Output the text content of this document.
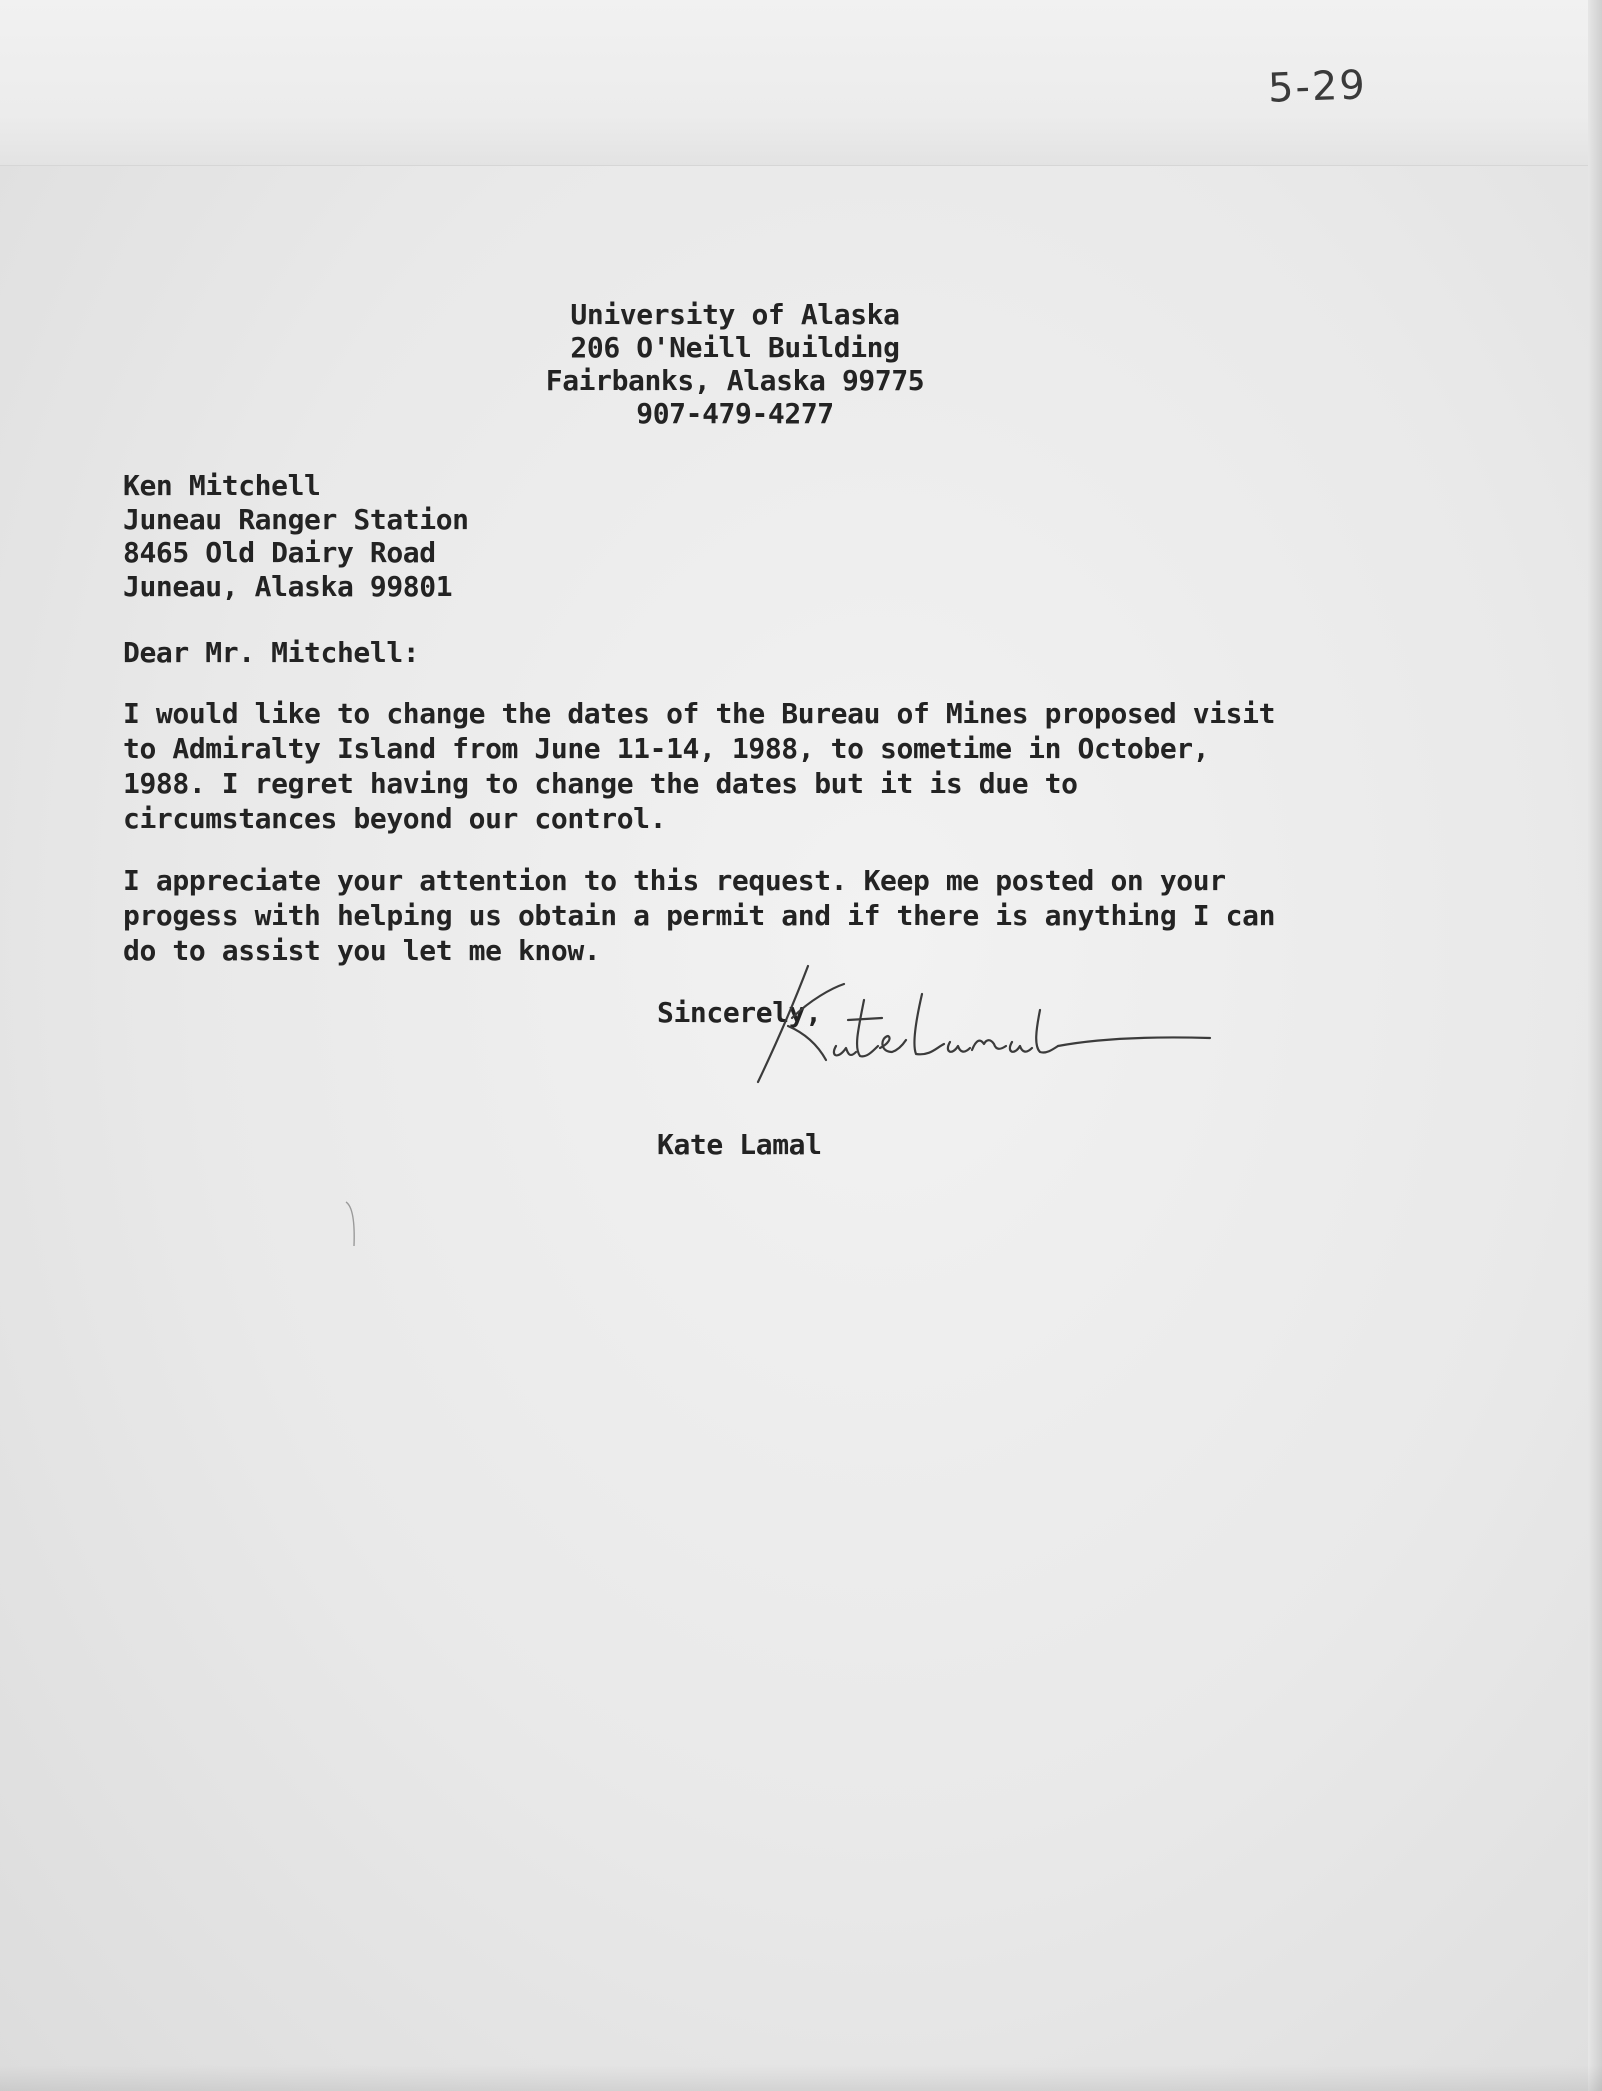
5-29
University of Alaska
206 O'Neill Building
Fairbanks, Alaska 99775
907-479-4277
Ken Mitchell
Juneau Ranger Station
8465 Old Dairy Road
Juneau, Alaska 99801
Dear Mr. Mitchell:
I would like to change the dates of the Bureau of Mines proposed visit
to Admiralty Island from June 11-14, 1988, to sometime in October,
1988. I regret having to change the dates but it is due to
circumstances beyond our control.
I appreciate your attention to this request. Keep me posted on your
progess with helping us obtain a permit and if there is anything I can
do to assist you let me know.
Sincerely,
Kate Lamal
